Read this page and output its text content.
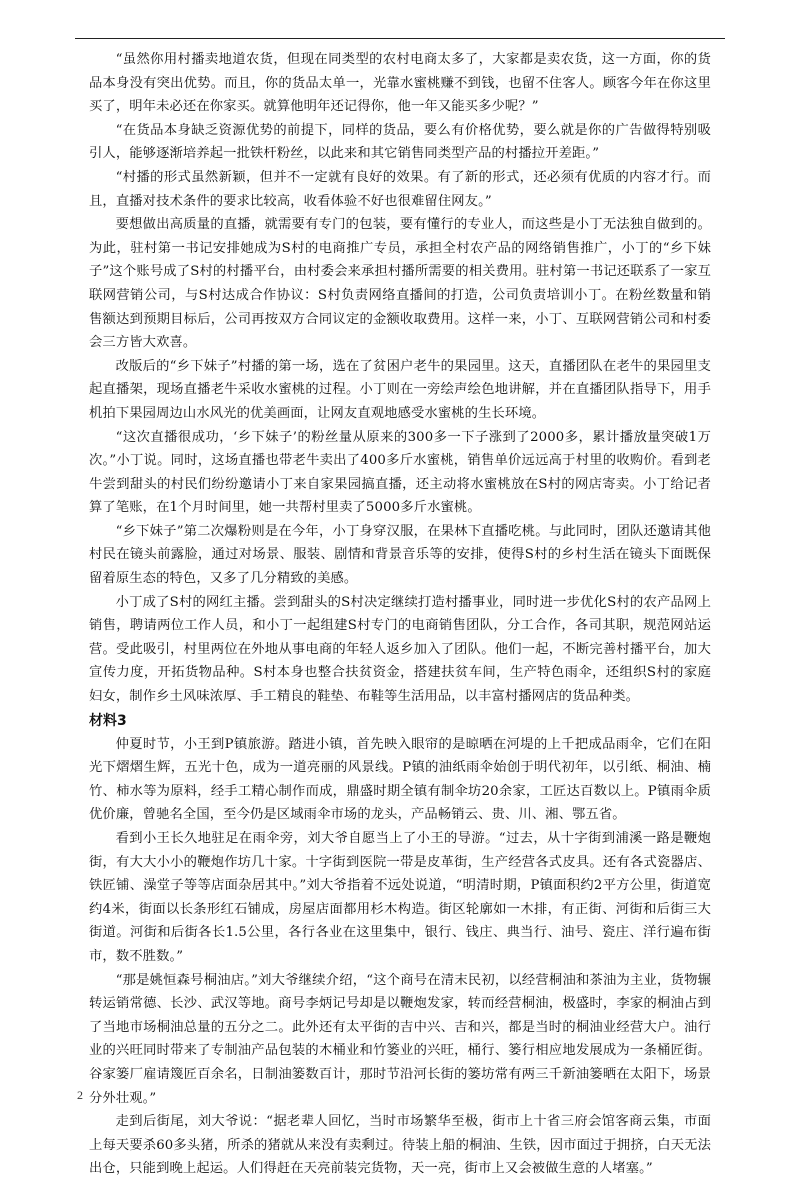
“虽然你用村播卖地道农货，但现在同类型的农村电商太多了，大家都是卖农货，这一方面，你的货品本身没有突出优势。而且，你的货品太单一，光靠水蜜桃赚不到钱，也留不住客人。顾客今年在你这里买了，明年未必还在你家买。就算他明年还记得你，他一年又能买多少呢？”

“在货品本身缺乏资源优势的前提下，同样的货品，要么有价格优势，要么就是你的广告做得特别吸引人，能够逐渐培养起一批铁杆粉丝，以此来和其它销售同类型产品的村播拉开差距。”

“村播的形式虽然新颖，但并不一定就有良好的效果。有了新的形式，还必须有优质的内容才行。而且，直播对技术条件的要求比较高，收看体验不好也很难留住网友。”

要想做出高质量的直播，就需要有专门的包装，要有懂行的专业人，而这些是小丁无法独自做到的。为此，驻村第一书记安排她成为S村的电商推广专员，承担全村农产品的网络销售推广，小丁的“乡下妹子”这个账号成了S村的村播平台，由村委会来承担村播所需要的相关费用。驻村第一书记还联系了一家互联网营销公司，与S村达成合作协议：S村负责网络直播间的打造，公司负责培训小丁。在粉丝数量和销售额达到预期目标后，公司再按双方合同议定的金额收取费用。这样一来，小丁、互联网营销公司和村委会三方皆大欢喜。

改版后的“乡下妹子”村播的第一场，选在了贫困户老牛的果园里。这天，直播团队在老牛的果园里支起直播架，现场直播老牛采收水蜜桃的过程。小丁则在一旁绘声绘色地讲解，并在直播团队指导下，用手机拍下果园周边山水风光的优美画面，让网友直观地感受水蜜桃的生长环境。

“这次直播很成功，‘乡下妹子’的粉丝量从原来的300多一下子涨到了2000多，累计播放量突破1万次。”小丁说。同时，这场直播也带老牛卖出了400多斤水蜜桃，销售单价远远高于村里的收购价。看到老牛尝到甜头的村民们纷纷邀请小丁来自家果园搞直播，还主动将水蜜桃放在S村的网店寄卖。小丁给记者算了笔账，在1个月时间里，她一共帮村里卖了5000多斤水蜜桃。

“乡下妹子”第二次爆粉则是在今年，小丁身穿汉服，在果林下直播吃桃。与此同时，团队还邀请其他村民在镜头前露脸，通过对场景、服装、剧情和背景音乐等的安排，使得S村的乡村生活在镜头下面既保留着原生态的特色，又多了几分精致的美感。

小丁成了S村的网红主播。尝到甜头的S村决定继续打造村播事业，同时进一步优化S村的农产品网上销售，聘请两位工作人员，和小丁一起组建S村专门的电商销售团队，分工合作，各司其职，规范网站运营。受此吸引，村里两位在外地从事电商的年轻人返乡加入了团队。他们一起，不断完善村播平台，加大宣传力度，开拓货物品种。S村本身也整合扶贫资金，搭建扶贫车间，生产特色雨伞，还组织S村的家庭妇女，制作乡土风味浓厚、手工精良的鞋垫、布鞋等生活用品，以丰富村播网店的货品种类。

材料3

仲夏时节，小王到P镇旅游。踏进小镇，首先映入眼帘的是晾晒在河堤的上千把成品雨伞，它们在阳光下熠熠生辉，五光十色，成为一道亮丽的风景线。P镇的油纸雨伞始创于明代初年，以引纸、桐油、楠竹、柿水等为原料，经手工精心制作而成，鼎盛时期全镇有制伞坊20余家，工匠达百数以上。P镇雨伞质优价廉，曾驰名全国，至今仍是区域雨伞市场的龙头，产品畅销云、贵、川、湘、鄂五省。

看到小王长久地驻足在雨伞旁，刘大爷自愿当上了小王的导游。“过去，从十字街到浦溪一路是鞭炮街，有大大小小的鞭炮作坊几十家。十字街到医院一带是皮革街，生产经营各式皮具。还有各式瓷器店、铁匠铺、澡堂子等等店面杂居其中。”刘大爷指着不远处说道，“明清时期，P镇面积约2平方公里，街道宽约4米，街面以长条形红石铺成，房屋店面都用杉木构造。街区轮廓如一木排，有正街、河街和后街三大街道。河街和后街各长1.5公里，各行各业在这里集中，银行、钱庄、典当行、油号、瓷庄、洋行遍布街市，数不胜数。”

“那是姚恒森号桐油店。”刘大爷继续介绍，“这个商号在清末民初，以经营桐油和茶油为主业，货物辗转运销常德、长沙、武汉等地。商号李炳记号却是以鞭炮发家，转而经营桐油，极盛时，李家的桐油占到了当地市场桐油总量的五分之二。此外还有太平街的吉中兴、吉和兴，都是当时的桐油业经营大户。油行业的兴旺同时带来了专制油产品包装的木桶业和竹篓业的兴旺，桶行、篓行相应地发展成为一条桶匠街。谷家篓厂雇请篾匠百余名，日制油篓数百计，那时节沿河长街的篓坊常有两三千新油篓晒在太阳下，场景分外壮观。”

走到后街尾，刘大爷说：“据老辈人回忆，当时市场繁华至极，街市上十省三府会馆客商云集，市面上每天要杀60多头猪，所杀的猪就从来没有卖剩过。待装上船的桐油、生铁，因市面过于拥挤，白天无法出仓，只能到晚上起运。人们得赶在天亮前装完货物，天一亮，街市上又会被做生意的人堵塞。”

2
